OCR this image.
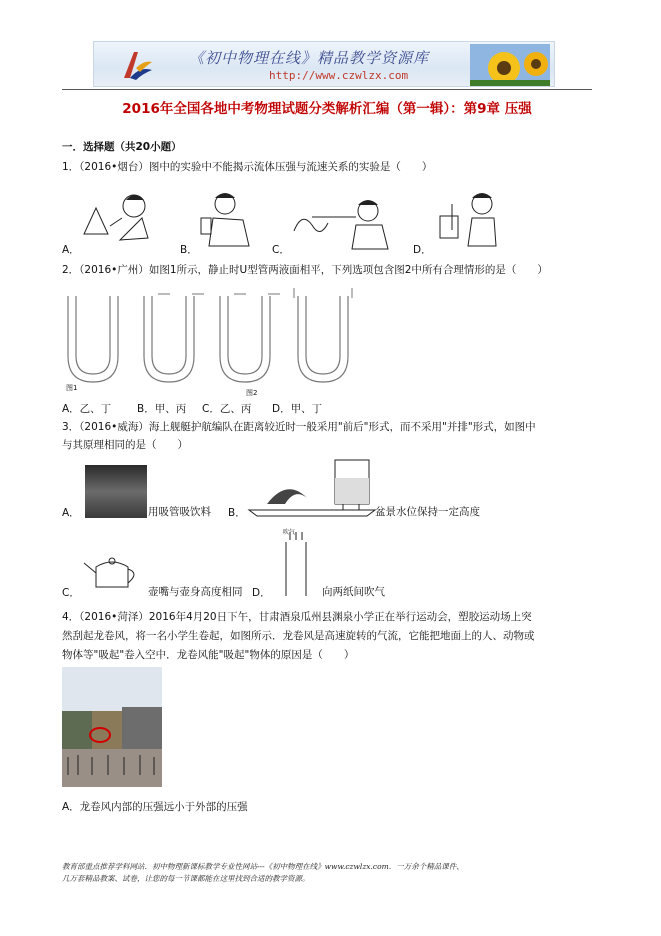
《初中物理在线》精品教学资源库
http://www.czwlzx.com
2016年全国各地中考物理试题分类解析汇编（第一辑）：第9章 压强
一．选择题（共20小题）
1．（2016•烟台）图中的实验中不能揭示流体压强与流速关系的实验是（　　）
A．	B．	C．	D．
2．（2016•广州）如图1所示，静止时U型管两液面相平，下列选项包含图2中所有合理情形的是（　　）
图1
图2
A．乙、丁 B．甲、丙 C．乙、丙 D．甲、丁
3．（2016•威海）海上舰艇护航编队在距离较近时一般采用"前后"形式，而不采用"并排"形式，如图中
与其原理相同的是（　　）
A．	用吸管吸饮料 B．	盆景水位保持一定高度
C．	壶嘴与壶身高度相同
吹气
D．	向两纸间吹气
4．（2016•菏泽）2016年4月20日下午，甘肃酒泉瓜州县渊泉小学正在举行运动会，塑胶运动场上突
然刮起龙卷风，将一名小学生卷起，如图所示．龙卷风是高速旋转的气流，它能把地面上的人、动物或
物体等"吸起"卷入空中．龙卷风能"吸起"物体的原因是（　　）
A．龙卷风内部的压强远小于外部的压强
教育部重点推荐学科网站．初中物理新课标教学专业性网站---《初中物理在线》www.czwlzx.com．一万余个精品课件、
几万套精品教案、试卷，让您的每一节课都能在这里找到合适的教学资源。
